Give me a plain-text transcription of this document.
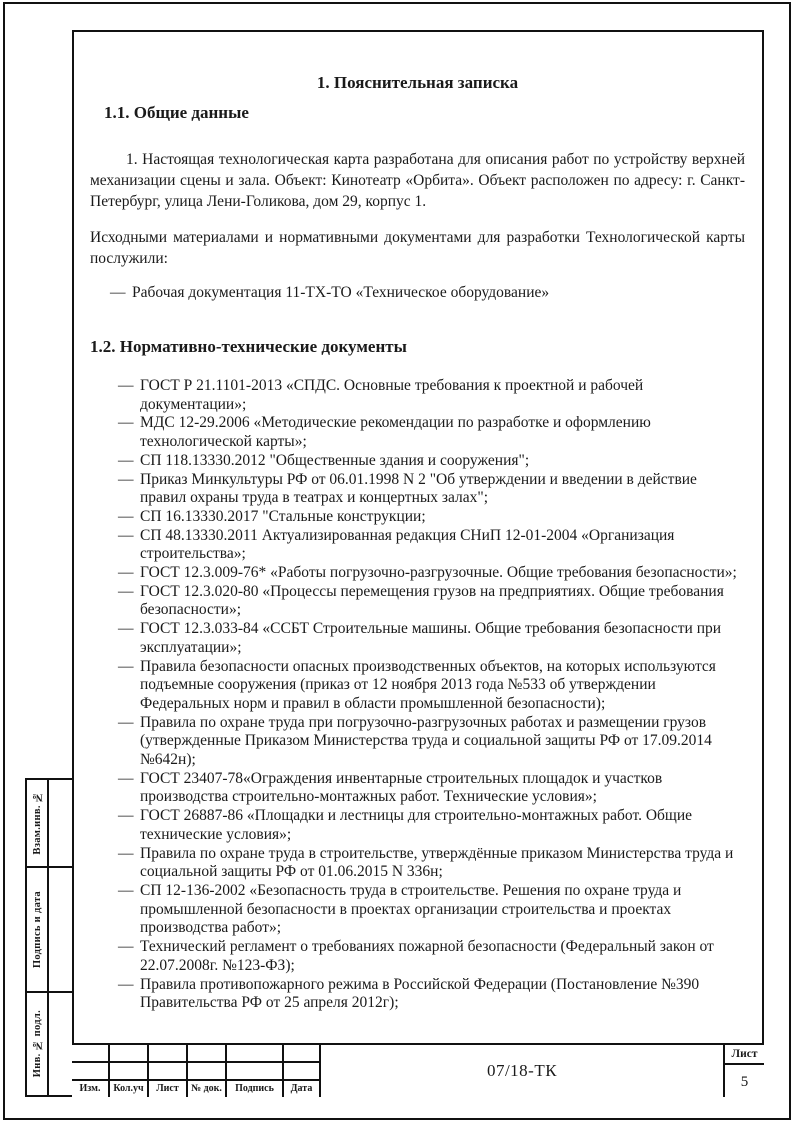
Взам.инв. №
Подпись и дата
Инв. № подл.
1. Пояснительная записка
1.1. Общие данные

1. Настоящая технологическая карта разработана для описания работ по устройству верхней механизации сцены и зала. Объект: Кинотеатр «Орбита». Объект расположен по адресу: г. Санкт-Петербург, улица Лени-Голикова, дом 29, корпус 1.

Исходными материалами и нормативными документами для разработки Технологической карты послужили:

— Рабочая документация 11-ТХ-ТО «Техническое оборудование»
1.2. Нормативно-технические документы
— ГОСТ Р 21.1101-2013 «СПДС. Основные требования к проектной и рабочей документации»;
— МДС 12-29.2006 «Методические рекомендации по разработке и оформлению технологической карты»;
— СП 118.13330.2012 "Общественные здания и сооружения";
— Приказ Минкультуры РФ от 06.01.1998 N 2 "Об утверждении и введении в действие правил охраны труда в театрах и концертных залах";
— СП 16.13330.2017 "Стальные конструкции;
— СП 48.13330.2011 Актуализированная редакция СНиП 12-01-2004 «Организация строительства»;
— ГОСТ 12.3.009-76* «Работы погрузочно-разгрузочные. Общие требования безопасности»;
— ГОСТ 12.3.020-80 «Процессы перемещения грузов на предприятиях. Общие требования безопасности»;
— ГОСТ 12.3.033-84 «ССБТ Строительные машины. Общие требования безопасности при эксплуатации»;
— Правила безопасности опасных производственных объектов, на которых используются подъемные сооружения (приказ от 12 ноября 2013 года №533 об утверждении Федеральных норм и правил в области промышленной безопасности);
— Правила по охране труда при погрузочно-разгрузочных работах и размещении грузов (утвержденные Приказом Министерства труда и социальной защиты РФ от 17.09.2014 №642н);
— ГОСТ 23407-78«Ограждения инвентарные строительных площадок и участков производства строительно-монтажных работ. Технические условия»;
— ГОСТ 26887-86 «Площадки и лестницы для строительно-монтажных работ. Общие технические условия»;
— Правила по охране труда в строительстве, утверждённые приказом Министерства труда и социальной защиты РФ от 01.06.2015 N 336н;
— СП 12-136-2002 «Безопасность труда в строительстве. Решения по охране труда и промышленной безопасности в проектах организации строительства и проектах производства работ»;
— Технический регламент о требованиях пожарной безопасности (Федеральный закон от 22.07.2008г. №123-ФЗ);
— Правила противопожарного режима в Российской Федерации (Постановление №390 Правительства РФ от 25 апреля 2012г);
Изм.	Кол.уч	Лист	№ док.	Подпись	Дата
07/18-ТК
Лист
5
